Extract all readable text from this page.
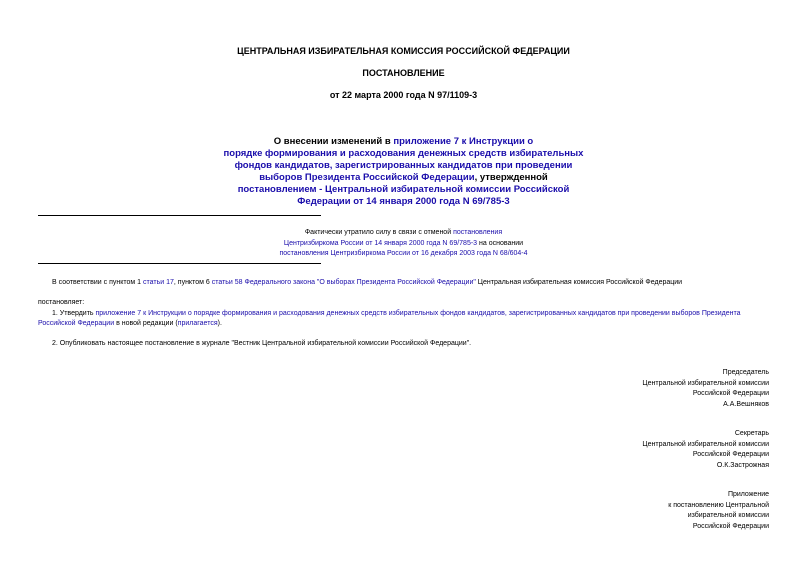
ЦЕНТРАЛЬНАЯ ИЗБИРАТЕЛЬНАЯ КОМИССИЯ РОССИЙСКОЙ ФЕДЕРАЦИИ
ПОСТАНОВЛЕНИЕ
от 22 марта 2000 года N 97/1109-3
О внесении изменений в приложение 7 к Инструкции о
порядке формирования и расходования денежных средств избирательных
фондов кандидатов, зарегистрированных кандидатов при проведении
выборов Президента Российской Федерации, утвержденной
постановлением - Центральной избирательной комиссии Российской
Федерации от 14 января 2000 года N 69/785-3
Фактически утратило силу в связи с отменой постановления
Центризбиркома России от 14 января 2000 года N 69/785-3 на основании
постановления Центризбиркома России от 16 декабря 2003 года N 68/604-4
В соответствии с пунктом 1 статьи 17, пунктом 6 статьи 58 Федерального закона "О выборах Президента Российской Федерации" Центральная избирательная комиссия Российской Федерации
постановляет:
1. Утвердить приложение 7 к Инструкции о порядке формирования и расходования денежных средств избирательных фондов кандидатов, зарегистрированных кандидатов при проведении выборов Президента Российской Федерации в новой редакции (прилагается).
2. Опубликовать настоящее постановление в журнале "Вестник Центральной избирательной комиссии Российской Федерации".
Председатель
Центральной избирательной комиссии
Российской Федерации
А.А.Вешняков
Секретарь
Центральной избирательной комиссии
Российской Федерации
О.К.Застрожная
Приложение
к постановлению Центральной
избирательной комиссии
Российской Федерации
